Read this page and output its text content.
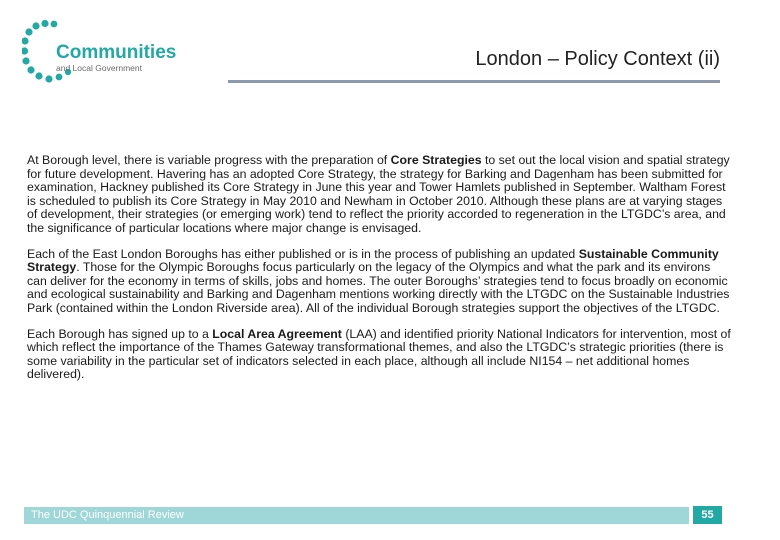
Communities
and Local Government	London – Policy Context (ii)

At Borough level, there is variable progress with the preparation of Core Strategies to set out the local vision and spatial strategy for future development. Havering has an adopted Core Strategy, the strategy for Barking and Dagenham has been submitted for examination, Hackney published its Core Strategy in June this year and Tower Hamlets published in September. Waltham Forest is scheduled to publish its Core Strategy in May 2010 and Newham in October 2010. Although these plans are at varying stages of development, their strategies (or emerging work) tend to reflect the priority accorded to regeneration in the LTGDC’s area, and the significance of particular locations where major change is envisaged.

Each of the East London Boroughs has either published or is in the process of publishing an updated Sustainable Community Strategy. Those for the Olympic Boroughs focus particularly on the legacy of the Olympics and what the park and its environs can deliver for the economy in terms of skills, jobs and homes. The outer Boroughs’ strategies tend to focus broadly on economic and ecological sustainability and Barking and Dagenham mentions working directly with the LTGDC on the Sustainable Industries Park (contained within the London Riverside area). All of the individual Borough strategies support the objectives of the LTGDC.

Each Borough has signed up to a Local Area Agreement (LAA) and identified priority National Indicators for intervention, most of which reflect the importance of the Thames Gateway transformational themes, and also the LTGDC’s strategic priorities (there is some variability in the particular set of indicators selected in each place, although all include NI154 – net additional homes delivered).

The UDC Quinquennial Review	55
